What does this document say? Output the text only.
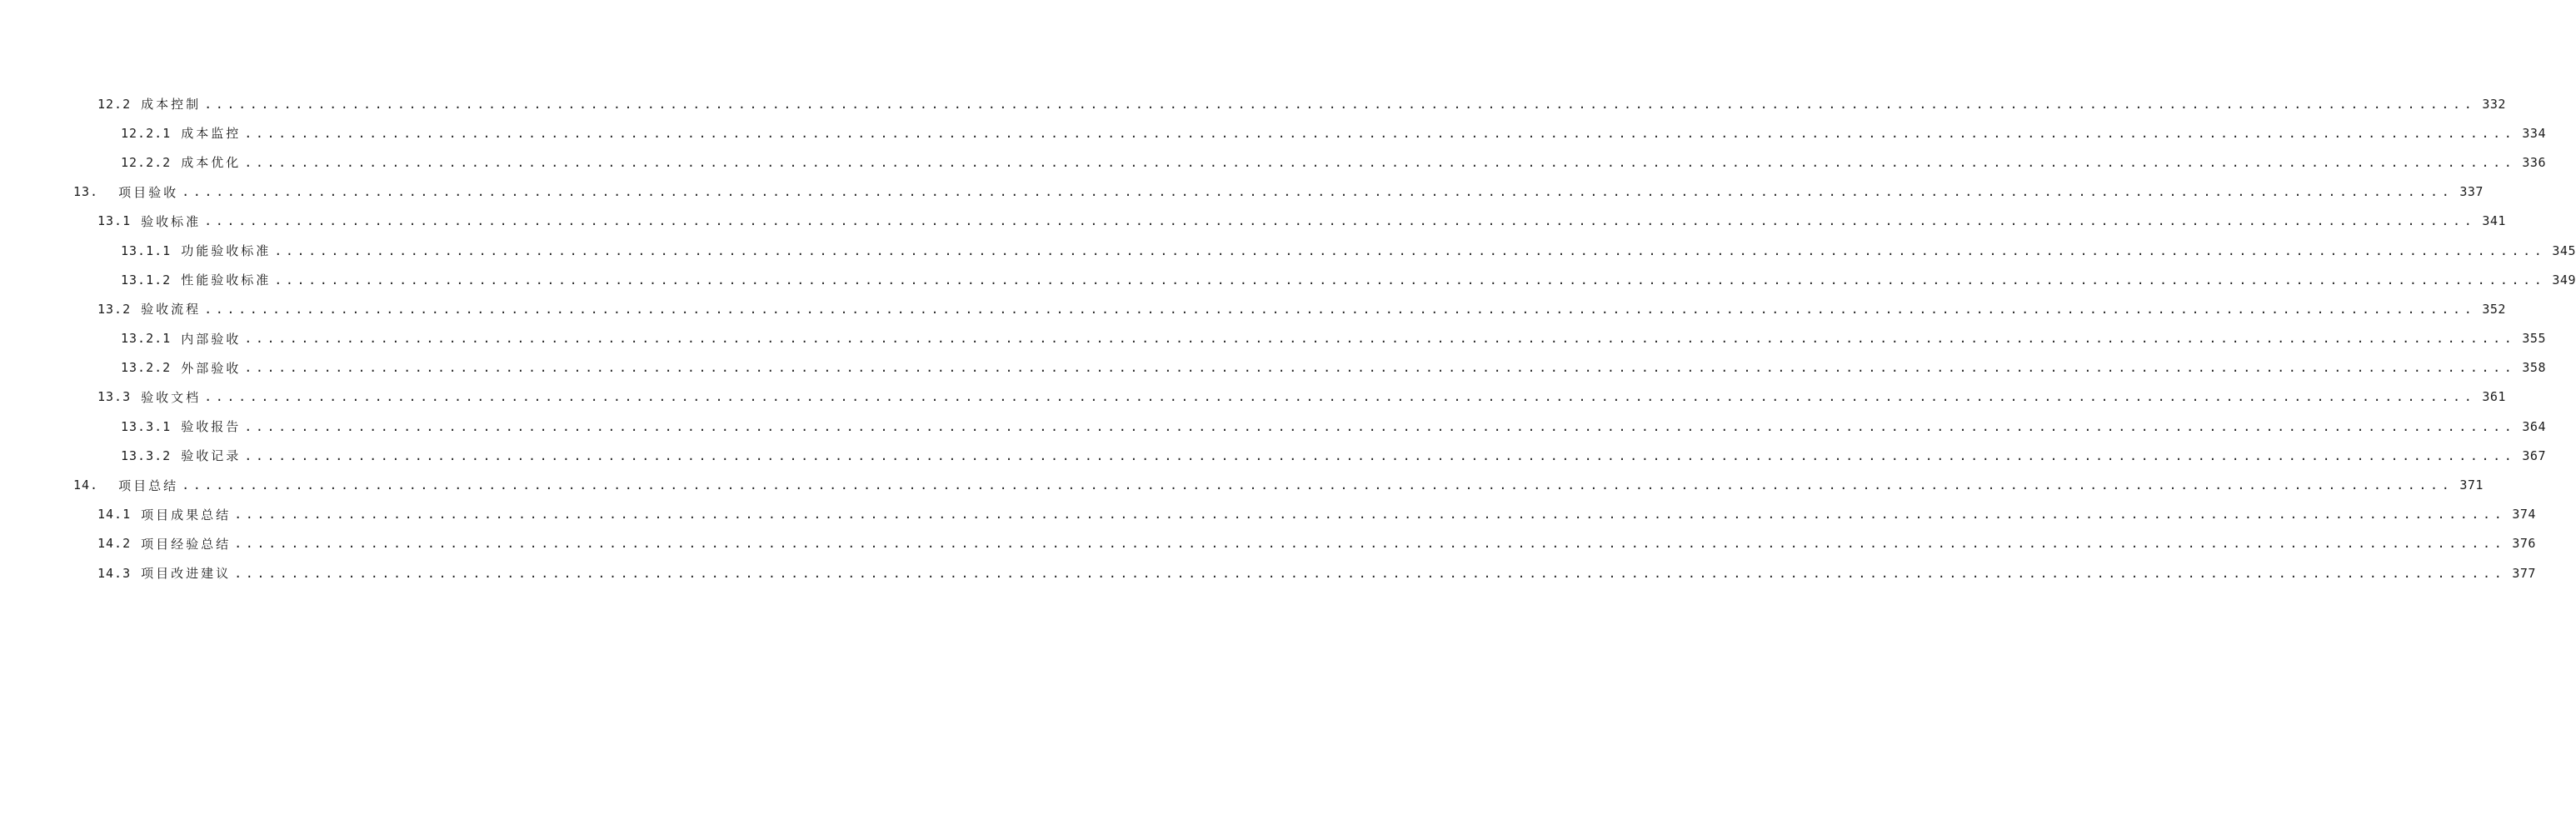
12.2 成本控制 ........................................................................................................................................................................................................ 332
12.2.1 成本监控 ........................................................................................................................................................................................................ 334
12.2.2 成本优化 ........................................................................................................................................................................................................ 336
13.	项目验收 ........................................................................................................................................................................................................ 337
13.1 验收标准 ........................................................................................................................................................................................................ 341
13.1.1 功能验收标准 ........................................................................................................................................................................................................ 345
13.1.2 性能验收标准 ........................................................................................................................................................................................................ 349
13.2 验收流程 ........................................................................................................................................................................................................ 352
13.2.1 内部验收 ........................................................................................................................................................................................................ 355
13.2.2 外部验收 ........................................................................................................................................................................................................ 358
13.3 验收文档 ........................................................................................................................................................................................................ 361
13.3.1 验收报告 ........................................................................................................................................................................................................ 364
13.3.2 验收记录 ........................................................................................................................................................................................................ 367
14.	项目总结 ........................................................................................................................................................................................................ 371
14.1 项目成果总结 ........................................................................................................................................................................................................ 374
14.2 项目经验总结 ........................................................................................................................................................................................................ 376
14.3 项目改进建议 ........................................................................................................................................................................................................ 377
